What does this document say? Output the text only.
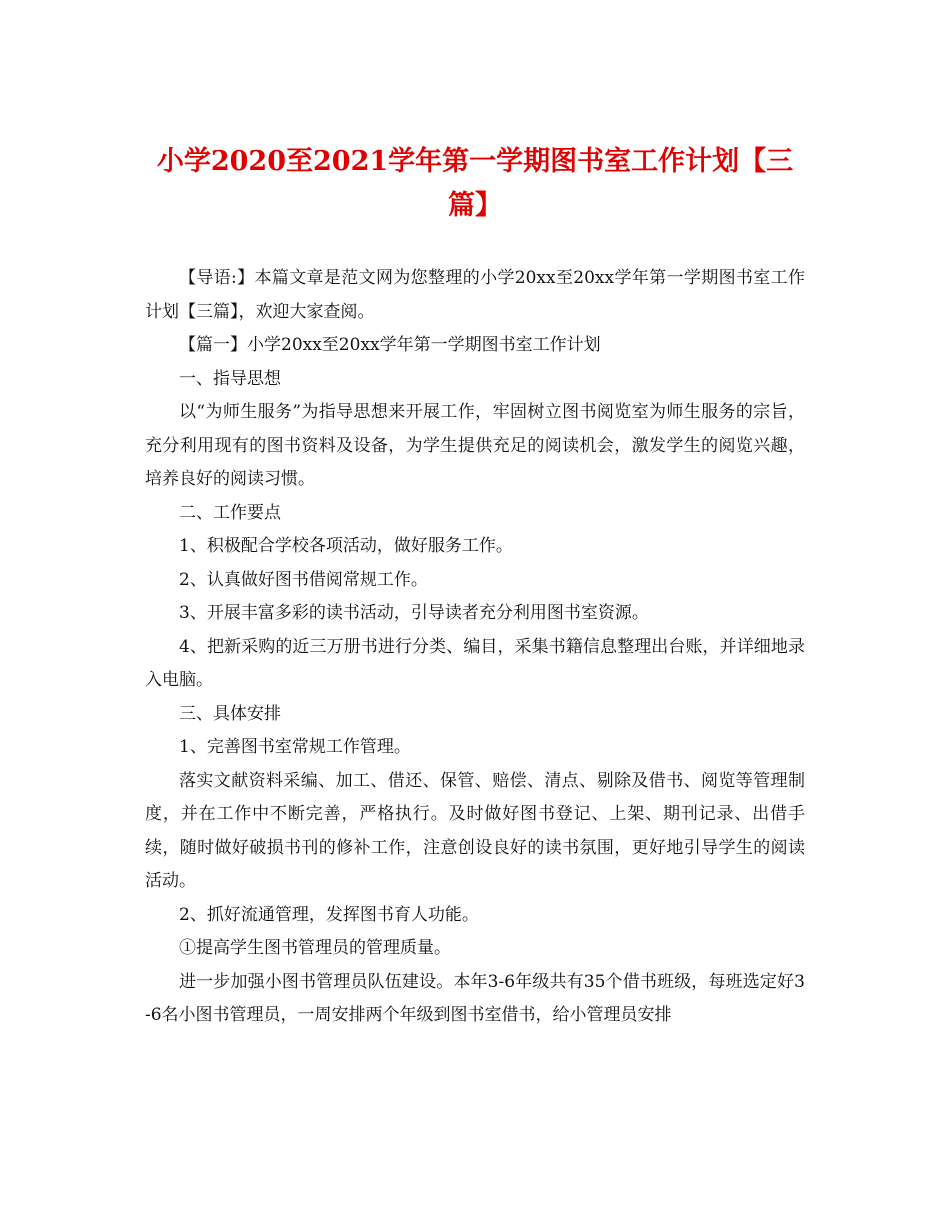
小学2020至2021学年第一学期图书室工作计划【三篇】

【导语:】本篇文章是范文网为您整理的小学20xx至20xx学年第一学期图书室工作计划【三篇】，欢迎大家查阅。

【篇一】小学20xx至20xx学年第一学期图书室工作计划

一、指导思想

以“为师生服务”为指导思想来开展工作，牢固树立图书阅览室为师生服务的宗旨，充分利用现有的图书资料及设备，为学生提供充足的阅读机会，激发学生的阅览兴趣，培养良好的阅读习惯。

二、工作要点

1、积极配合学校各项活动，做好服务工作。

2、认真做好图书借阅常规工作。

3、开展丰富多彩的读书活动，引导读者充分利用图书室资源。

4、把新采购的近三万册书进行分类、编目，采集书籍信息整理出台账，并详细地录入电脑。

三、具体安排

1、完善图书室常规工作管理。

落实文献资料采编、加工、借还、保管、赔偿、清点、剔除及借书、阅览等管理制度，并在工作中不断完善，严格执行。及时做好图书登记、上架、期刊记录、出借手续，随时做好破损书刊的修补工作，注意创设良好的读书氛围，更好地引导学生的阅读活动。

2、抓好流通管理，发挥图书育人功能。

①提高学生图书管理员的管理质量。

进一步加强小图书管理员队伍建设。本年3-6年级共有35个借书班级，每班选定好3-6名小图书管理员，一周安排两个年级到图书室借书，给小管理员安排
